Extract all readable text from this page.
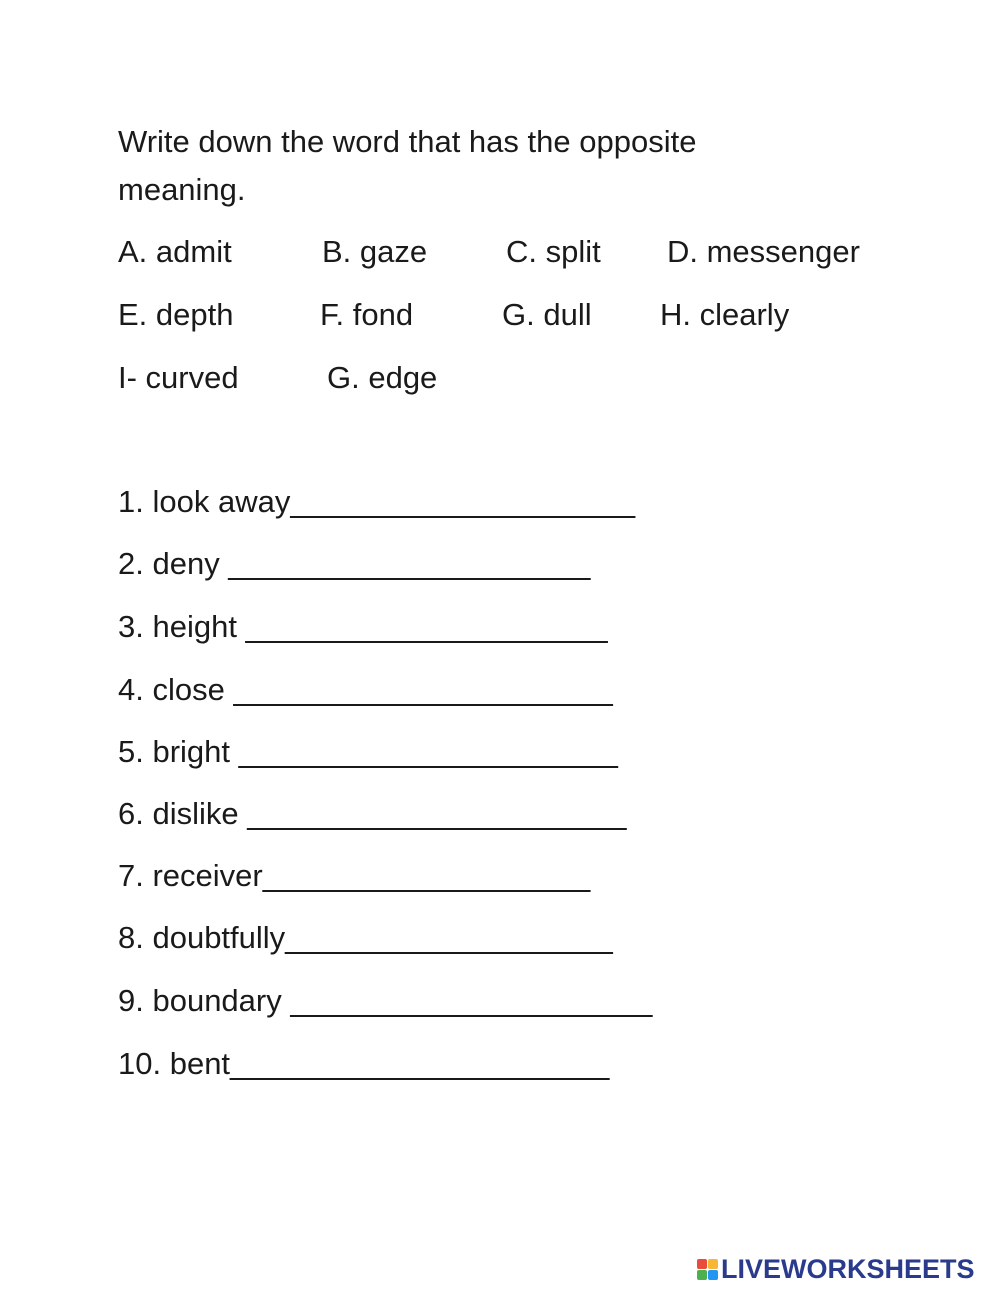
Write down the word that has the opposite meaning.

A. admit	B. gaze	C. split D. messenger
E. depth	F. fond	G. dull H. clearly
I- curved	G. edge
1. look away____________________
2. deny _____________________
3. height _____________________
4. close ______________________
5. bright ______________________
6. dislike ______________________
7. receiver___________________
8. doubtfully___________________
9. boundary _____________________
10. bent______________________
LIVEWORKSHEETS
